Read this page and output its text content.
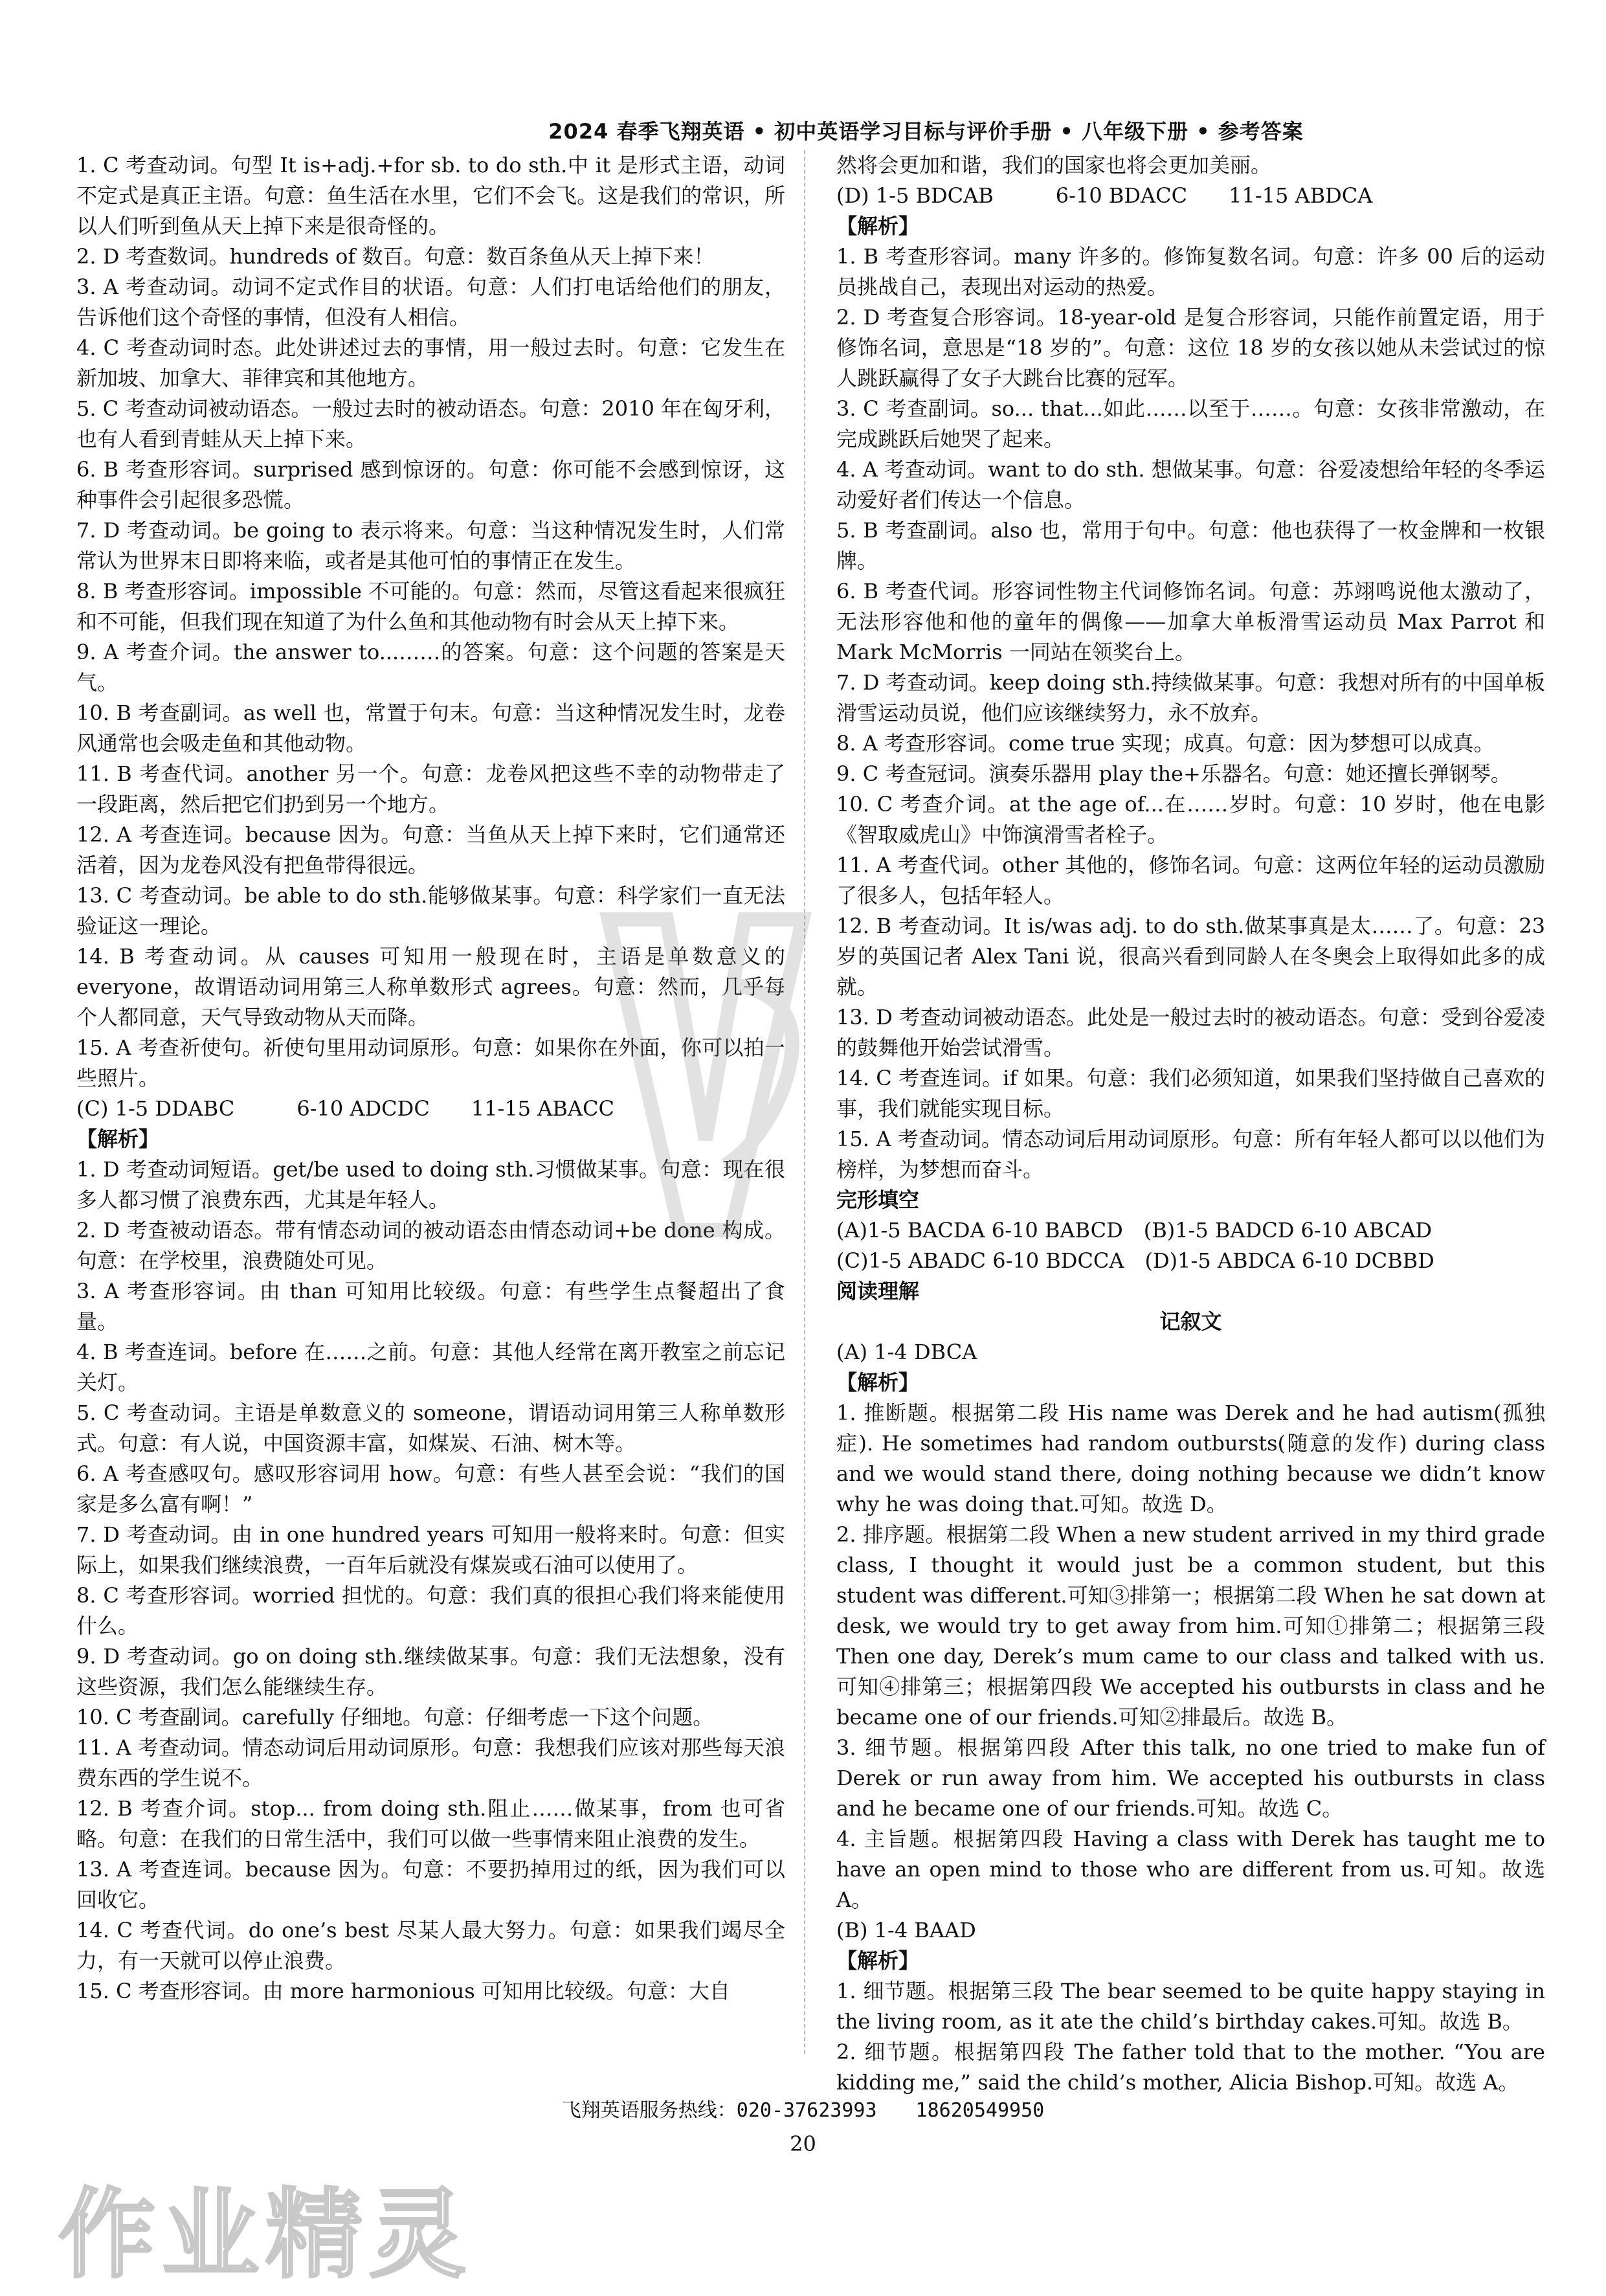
2024 春季飞翔英语 • 初中英语学习目标与评价手册 • 八年级下册 • 参考答案

1. C 考查动词。句型 It is+adj.+for sb. to do sth.中 it 是形式主语，动词不定式是真正主语。句意：鱼生活在水里，它们不会飞。这是我们的常识，所以人们听到鱼从天上掉下来是很奇怪的。

2. D 考查数词。hundreds of 数百。句意：数百条鱼从天上掉下来！

3. A 考查动词。动词不定式作目的状语。句意：人们打电话给他们的朋友，告诉他们这个奇怪的事情，但没有人相信。

4. C 考查动词时态。此处讲述过去的事情，用一般过去时。句意：它发生在新加坡、加拿大、菲律宾和其他地方。

5. C 考查动词被动语态。一般过去时的被动语态。句意：2010 年在匈牙利，也有人看到青蛙从天上掉下来。

6. B 考查形容词。surprised 感到惊讶的。句意：你可能不会感到惊讶，这种事件会引起很多恐慌。

7. D 考查动词。be going to 表示将来。句意：当这种情况发生时，人们常常认为世界末日即将来临，或者是其他可怕的事情正在发生。

8. B 考查形容词。impossible 不可能的。句意：然而，尽管这看起来很疯狂和不可能，但我们现在知道了为什么鱼和其他动物有时会从天上掉下来。

9. A 考查介词。the answer to...……的答案。句意：这个问题的答案是天气。

10. B 考查副词。as well 也，常置于句末。句意：当这种情况发生时，龙卷风通常也会吸走鱼和其他动物。

11. B 考查代词。another 另一个。句意：龙卷风把这些不幸的动物带走了一段距离，然后把它们扔到另一个地方。

12. A 考查连词。because 因为。句意：当鱼从天上掉下来时，它们通常还活着，因为龙卷风没有把鱼带得很远。

13. C 考查动词。be able to do sth.能够做某事。句意：科学家们一直无法验证这一理论。

14. B 考查动词。从 causes 可知用一般现在时，主语是单数意义的 everyone，故谓语动词用第三人称单数形式 agrees。句意：然而，几乎每个人都同意，天气导致动物从天而降。

15. A 考查祈使句。祈使句里用动词原形。句意：如果你在外面，你可以拍一些照片。

(C) 1-5 DDABC　　　6-10 ADCDC　　11-15 ABACC

【解析】

1. D 考查动词短语。get/be used to doing sth.习惯做某事。句意：现在很多人都习惯了浪费东西，尤其是年轻人。

2. D 考查被动语态。带有情态动词的被动语态由情态动词+be done 构成。句意：在学校里，浪费随处可见。

3. A 考查形容词。由 than 可知用比较级。句意：有些学生点餐超出了食量。

4. B 考查连词。before 在……之前。句意：其他人经常在离开教室之前忘记关灯。

5. C 考查动词。主语是单数意义的 someone，谓语动词用第三人称单数形式。句意：有人说，中国资源丰富，如煤炭、石油、树木等。

6. A 考查感叹句。感叹形容词用 how。句意：有些人甚至会说：“我们的国家是多么富有啊！”

7. D 考查动词。由 in one hundred years 可知用一般将来时。句意：但实际上，如果我们继续浪费，一百年后就没有煤炭或石油可以使用了。

8. C 考查形容词。worried 担忧的。句意：我们真的很担心我们将来能使用什么。

9. D 考查动词。go on doing sth.继续做某事。句意：我们无法想象，没有这些资源，我们怎么能继续生存。

10. C 考查副词。carefully 仔细地。句意：仔细考虑一下这个问题。

11. A 考查动词。情态动词后用动词原形。句意：我想我们应该对那些每天浪费东西的学生说不。

12. B 考查介词。stop... from doing sth.阻止……做某事，from 也可省略。句意：在我们的日常生活中，我们可以做一些事情来阻止浪费的发生。

13. A 考查连词。because 因为。句意：不要扔掉用过的纸，因为我们可以回收它。

14. C 考查代词。do one’s best 尽某人最大努力。句意：如果我们竭尽全力，有一天就可以停止浪费。

15. C 考查形容词。由 more harmonious 可知用比较级。句意：大自

然将会更加和谐，我们的国家也将会更加美丽。

(D) 1-5 BDCAB　　　6-10 BDACC　　11-15 ABDCA

【解析】

1. B 考查形容词。many 许多的。修饰复数名词。句意：许多 00 后的运动员挑战自己，表现出对运动的热爱。

2. D 考查复合形容词。18-year-old 是复合形容词，只能作前置定语，用于修饰名词，意思是“18 岁的”。句意：这位 18 岁的女孩以她从未尝试过的惊人跳跃赢得了女子大跳台比赛的冠军。

3. C 考查副词。so... that...如此……以至于……。句意：女孩非常激动，在完成跳跃后她哭了起来。

4. A 考查动词。want to do sth. 想做某事。句意：谷爱凌想给年轻的冬季运动爱好者们传达一个信息。

5. B 考查副词。also 也，常用于句中。句意：他也获得了一枚金牌和一枚银牌。

6. B 考查代词。形容词性物主代词修饰名词。句意：苏翊鸣说他太激动了，无法形容他和他的童年的偶像——加拿大单板滑雪运动员 Max Parrot 和 Mark McMorris 一同站在领奖台上。

7. D 考查动词。keep doing sth.持续做某事。句意：我想对所有的中国单板滑雪运动员说，他们应该继续努力，永不放弃。

8. A 考查形容词。come true 实现；成真。句意：因为梦想可以成真。

9. C 考查冠词。演奏乐器用 play the+乐器名。句意：她还擅长弹钢琴。

10. C 考查介词。at the age of...在……岁时。句意：10 岁时，他在电影《智取威虎山》中饰演滑雪者栓子。

11. A 考查代词。other 其他的，修饰名词。句意：这两位年轻的运动员激励了很多人，包括年轻人。

12. B 考查动词。It is/was adj. to do sth.做某事真是太……了。句意：23 岁的英国记者 Alex Tani 说，很高兴看到同龄人在冬奥会上取得如此多的成就。

13. D 考查动词被动语态。此处是一般过去时的被动语态。句意：受到谷爱凌的鼓舞他开始尝试滑雪。

14. C 考查连词。if 如果。句意：我们必须知道，如果我们坚持做自己喜欢的事，我们就能实现目标。

15. A 考查动词。情态动词后用动词原形。句意：所有年轻人都可以以他们为榜样，为梦想而奋斗。

完形填空

(A)1-5 BACDA 6-10 BABCD　(B)1-5 BADCD 6-10 ABCAD

(C)1-5 ABADC 6-10 BDCCA　(D)1-5 ABDCA 6-10 DCBBD

阅读理解

记叙文

(A) 1-4 DBCA

【解析】

1. 推断题。根据第二段 His name was Derek and he had autism(孤独症). He sometimes had random outbursts(随意的发作) during class and we would stand there, doing nothing because we didn’t know why he was doing that.可知。故选 D。

2. 排序题。根据第二段 When a new student arrived in my third grade class, I thought it would just be a common student, but this student was different.可知③排第一；根据第二段 When he sat down at desk, we would try to get away from him.可知①排第二；根据第三段 Then one day, Derek’s mum came to our class and talked with us.可知④排第三；根据第四段 We accepted his outbursts in class and he became one of our friends.可知②排最后。故选 B。

3. 细节题。根据第四段 After this talk, no one tried to make fun of Derek or run away from him. We accepted his outbursts in class and he became one of our friends.可知。故选 C。

4. 主旨题。根据第四段 Having a class with Derek has taught me to have an open mind to those who are different from us.可知。故选 A。

(B) 1-4 BAAD

【解析】

1. 细节题。根据第三段 The bear seemed to be quite happy staying in the living room, as it ate the child’s birthday cakes.可知。故选 B。

2. 细节题。根据第四段 The father told that to the mother. “You are kidding me,” said the child’s mother, Alicia Bishop.可知。故选 A。

飞翔英语服务热线：020-37623993　　18620549950
20
作业精灵
